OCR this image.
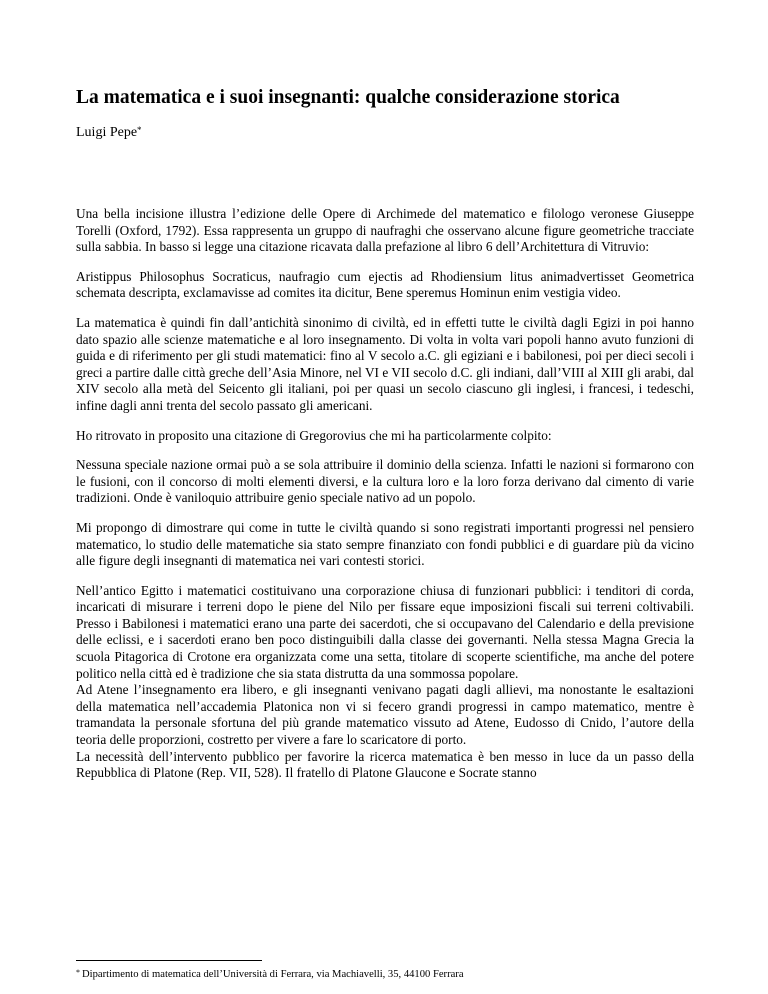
La matematica e i suoi insegnanti: qualche considerazione storica

Luigi Pepe*

Una bella incisione illustra l’edizione delle Opere di Archimede del matematico e filologo veronese Giuseppe Torelli (Oxford, 1792). Essa rappresenta un gruppo di naufraghi che osservano alcune figure geometriche tracciate sulla sabbia. In basso si legge una citazione ricavata dalla prefazione al libro 6 dell’Architettura di Vitruvio:

Aristippus Philosophus Socraticus, naufragio cum ejectis ad Rhodiensium litus animadvertisset Geometrica schemata descripta, exclamavisse ad comites ita dicitur, Bene speremus Hominun enim vestigia video.

La matematica è quindi fin dall’antichità sinonimo di civiltà, ed in effetti tutte le civiltà dagli Egizi in poi hanno dato spazio alle scienze matematiche e al loro insegnamento. Di volta in volta vari popoli hanno avuto funzioni di guida e di riferimento per gli studi matematici: fino al V secolo a.C. gli egiziani e i babilonesi, poi per dieci secoli i greci a partire dalle città greche dell’Asia Minore, nel VI e VII secolo d.C. gli indiani, dall’VIII al XIII gli arabi, dal XIV secolo alla metà del Seicento gli italiani, poi per quasi un secolo ciascuno gli inglesi, i francesi, i tedeschi, infine dagli anni trenta del secolo passato gli americani.

Ho ritrovato in proposito una citazione di Gregorovius che mi ha particolarmente colpito:

Nessuna speciale nazione ormai può a se sola attribuire il dominio della scienza. Infatti le nazioni si formarono con le fusioni, con il concorso di molti elementi diversi, e la cultura loro e la loro forza derivano dal cimento di varie tradizioni. Onde è vaniloquio attribuire genio speciale nativo ad un popolo.

Mi propongo di dimostrare qui come in tutte le civiltà quando si sono registrati importanti progressi nel pensiero matematico, lo studio delle matematiche sia stato sempre finanziato con fondi pubblici e di guardare più da vicino alle figure degli insegnanti di matematica nei vari contesti storici.

Nell’antico Egitto i matematici costituivano una corporazione chiusa di funzionari pubblici: i tenditori di corda, incaricati di misurare i terreni dopo le piene del Nilo per fissare eque imposizioni fiscali sui terreni coltivabili. Presso i Babilonesi i matematici erano una parte dei sacerdoti, che si occupavano del Calendario e della previsione delle eclissi, e i sacerdoti erano ben poco distinguibili dalla classe dei governanti. Nella stessa Magna Grecia la scuola Pitagorica di Crotone era organizzata come una setta, titolare di scoperte scientifiche, ma anche del potere politico nella città ed è tradizione che sia stata distrutta da una sommossa popolare.

Ad Atene l’insegnamento era libero, e gli insegnanti venivano pagati dagli allievi, ma nonostante le esaltazioni della matematica nell’accademia Platonica non vi si fecero grandi progressi in campo matematico, mentre è tramandata la personale sfortuna del più grande matematico vissuto ad Atene, Eudosso di Cnido, l’autore della teoria delle proporzioni, costretto per vivere a fare lo scaricatore di porto.

La necessità dell’intervento pubblico per favorire la ricerca matematica è ben messo in luce da un passo della Repubblica di Platone (Rep. VII, 528). Il fratello di Platone Glaucone e Socrate stanno

* Dipartimento di matematica dell’Università di Ferrara, via Machiavelli, 35, 44100 Ferrara
